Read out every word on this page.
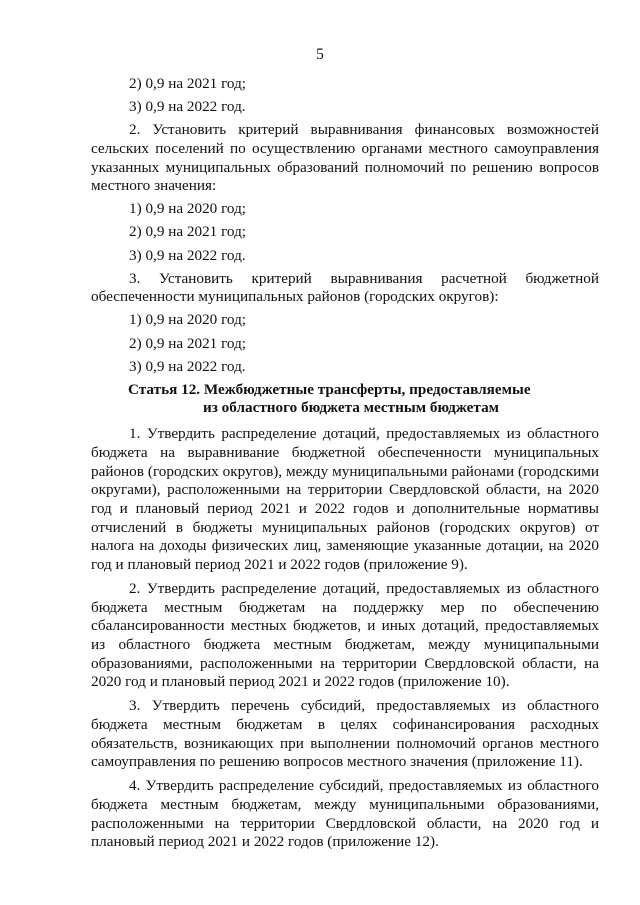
5

2) 0,9 на 2021 год;

3) 0,9 на 2022 год.

2. Установить критерий выравнивания финансовых возможностей сельских поселений по осуществлению органами местного самоуправления указанных муниципальных образований полномочий по решению вопросов местного значения:

1) 0,9 на 2020 год;

2) 0,9 на 2021 год;

3) 0,9 на 2022 год.

3. Установить критерий выравнивания расчетной бюджетной обеспеченности муниципальных районов (городских округов):

1) 0,9 на 2020 год;

2) 0,9 на 2021 год;

3) 0,9 на 2022 год.

Статья 12. Межбюджетные трансферты, предоставляемые
из областного бюджета местным бюджетам

1. Утвердить распределение дотаций, предоставляемых из областного бюджета на выравнивание бюджетной обеспеченности муниципальных районов (городских округов), между муниципальными районами (городскими округами), расположенными на территории Свердловской области, на 2020 год и плановый период 2021 и 2022 годов и дополнительные нормативы отчислений в бюджеты муниципальных районов (городских округов) от налога на доходы физических лиц, заменяющие указанные дотации, на 2020 год и плановый период 2021 и 2022 годов (приложение 9).

2. Утвердить распределение дотаций, предоставляемых из областного бюджета местным бюджетам на поддержку мер по обеспечению сбалансированности местных бюджетов, и иных дотаций, предоставляемых из областного бюджета местным бюджетам, между муниципальными образованиями, расположенными на территории Свердловской области, на 2020 год и плановый период 2021 и 2022 годов (приложение 10).

3. Утвердить перечень субсидий, предоставляемых из областного бюджета местным бюджетам в целях софинансирования расходных обязательств, возникающих при выполнении полномочий органов местного самоуправления по решению вопросов местного значения (приложение 11).

4. Утвердить распределение субсидий, предоставляемых из областного бюджета местным бюджетам, между муниципальными образованиями, расположенными на территории Свердловской области, на 2020 год и плановый период 2021 и 2022 годов (приложение 12).
